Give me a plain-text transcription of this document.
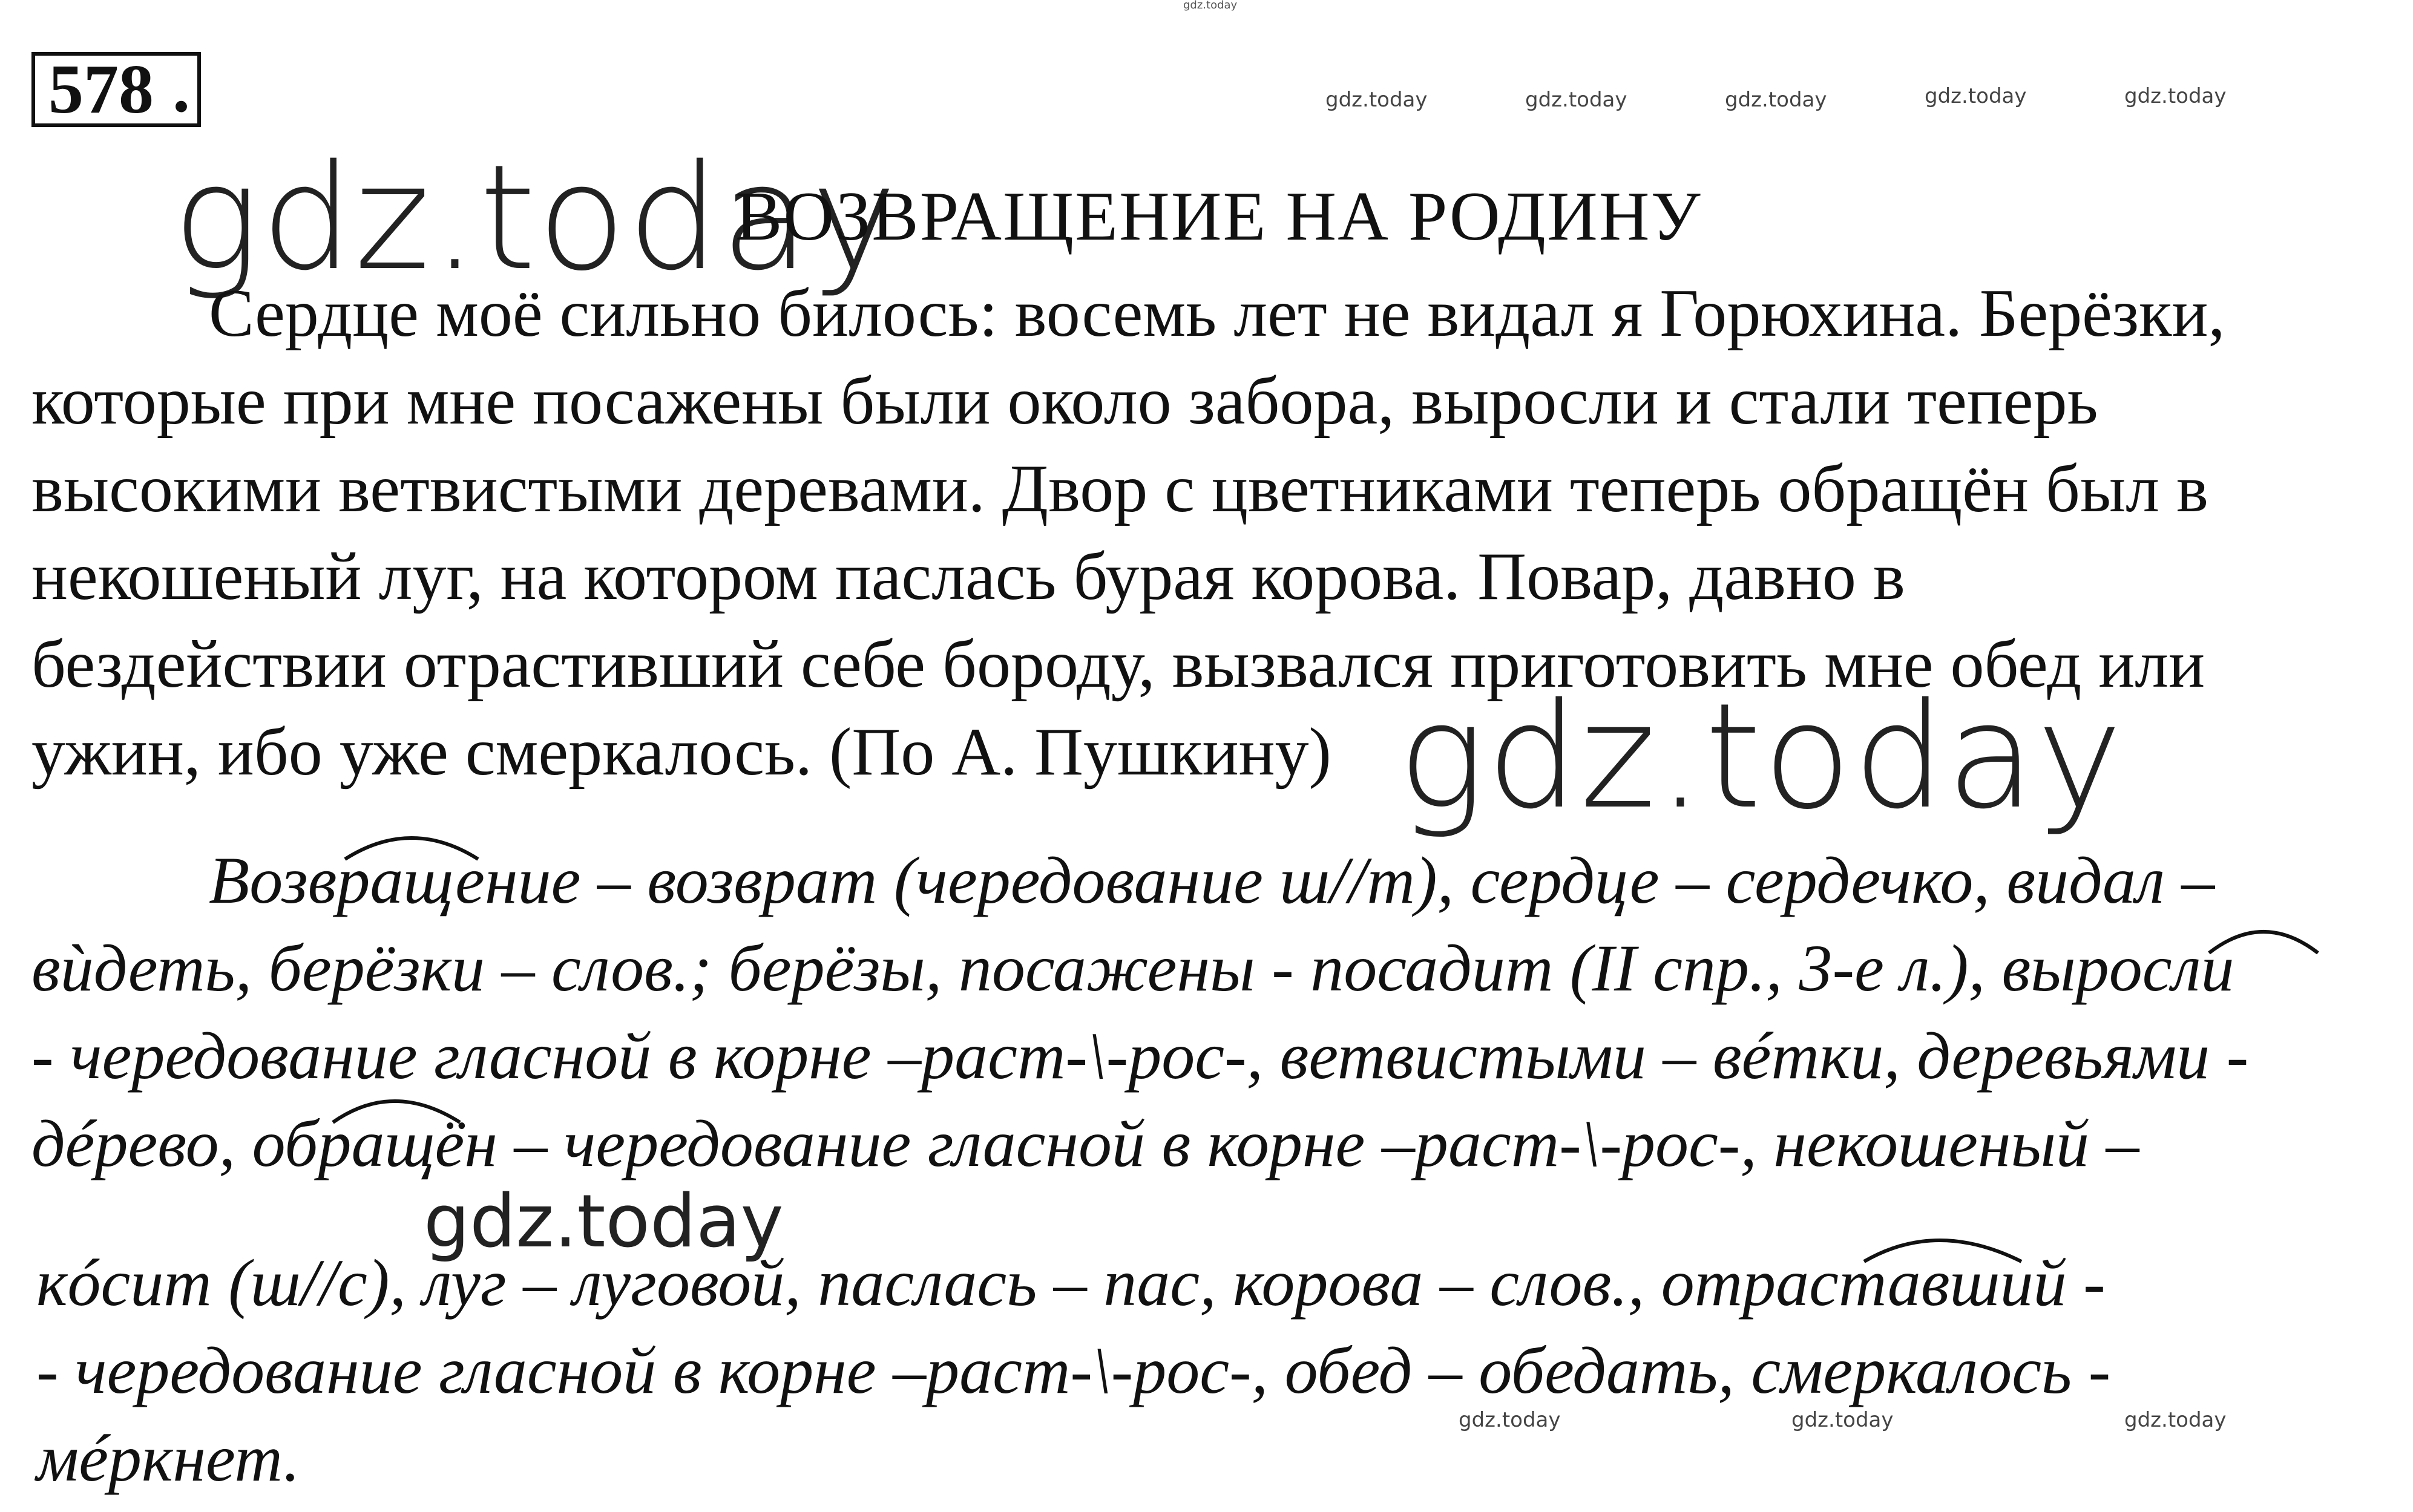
578 .
gdz.today
gdz.today	gdz.today	gdz.today	gdz.today	gdz.today
gdz.today
gdz.today
gdz.today
gdz.today	gdz.today	gdz.today
ВОЗВРАЩЕНИЕ НА РОДИНУ
Сердце моё сильно билось: восемь лет не видал я Горюхина. Берёзки,
которые при мне посажены были около забора, выросли и стали теперь
высокими ветвистыми деревами. Двор с цветниками теперь обращён был в
некошеный луг, на котором паслась бурая корова. Повар, давно в
бездействии отрастивший себе бороду, вызвался приготовить мне обед или
ужин, ибо уже смеркалось. (По А. Пушкину)
Возвращение – возврат (чередование ш//т), сердце – сердечко, видал –
вѝдеть, берёзки – слов.; берёзы, посажены - посадит (II спр., 3-е л.), выросли
- чередование гласной в корне –раст-\-рос-, ветвистыми – вéтки, деревьями -
дéрево, обращён – чередование гласной в корне –раст-\-рос-, некошеный –
кóсит (ш//с), луг – луговой, паслась – пас, корова – слов., отраставший -
- чередование гласной в корне –раст-\-рос-, обед – обедать, смеркалось -
мéркнет.
